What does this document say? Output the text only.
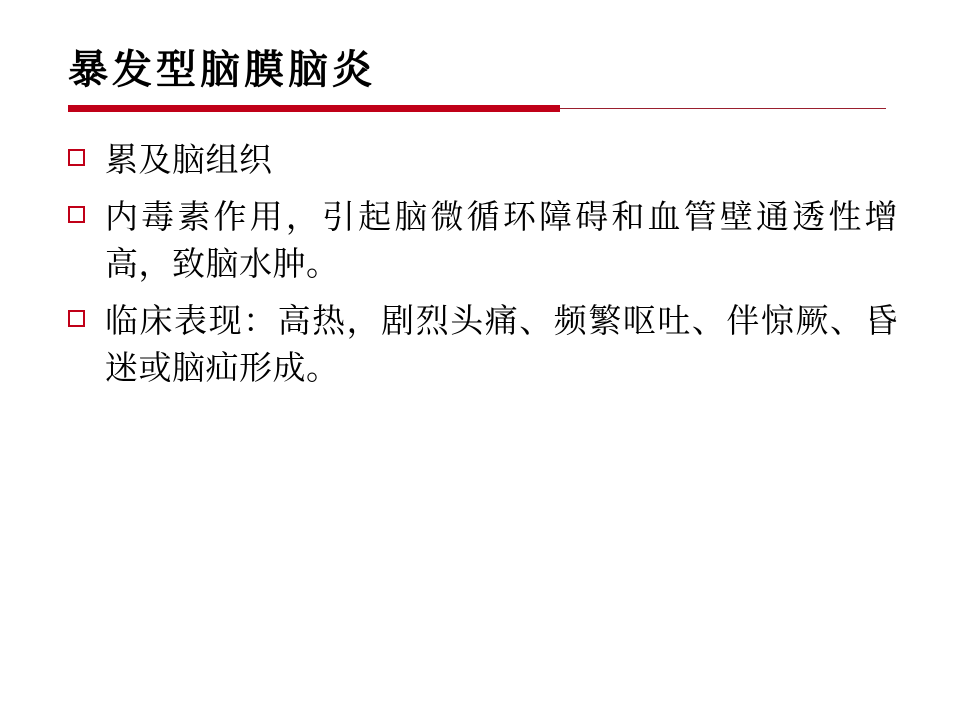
暴发型脑膜脑炎
累及脑组织
内毒素作用，引起脑微循环障碍和血管壁通透性增高，致脑水肿。
临床表现：高热，剧烈头痛、频繁呕吐、伴惊厥、昏迷或脑疝形成。
